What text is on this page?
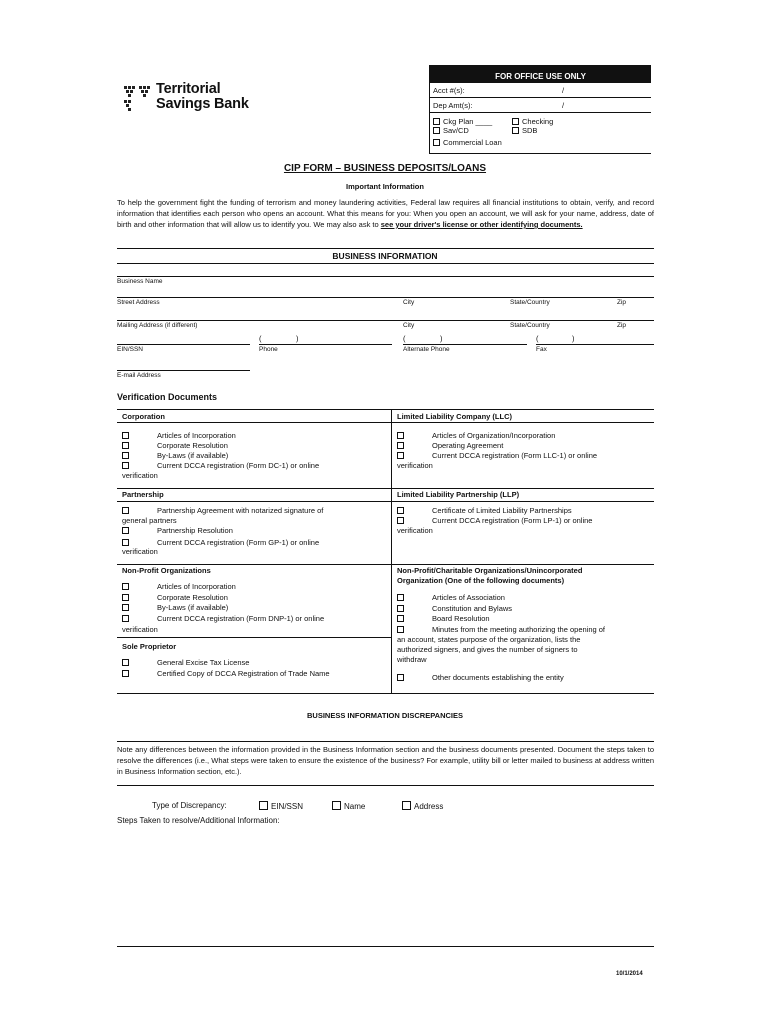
Territorial
Savings Bank
FOR OFFICE USE ONLY
Acct #(s):	/
Dep Amt(s):	/
Ckg Plan ____	Checking
Sav/CD	SDB
Commercial Loan
CIP FORM – BUSINESS DEPOSITS/LOANS
Important Information
To help the government fight the funding of terrorism and money laundering activities, Federal law requires all financial institutions to obtain, verify, and record information that identifies each person who opens an account. What this means for you: When you open an account, we will ask for your name, address, date of birth and other information that will allow us to identify you. We may also ask to see your driver's license or other identifying documents.
BUSINESS INFORMATION
Business Name
Street Address	City	State/Country	Zip
Mailing Address (if different)	City	State/Country	Zip
(	)	(	)	(	)
EIN/SSN	Phone	Alternate Phone	Fax
E-mail Address
Verification Documents
Corporation
Articles of Incorporation
Corporate Resolution
By-Laws (if available)
Current DCCA registration (Form DC-1) or online
verification
Limited Liability Company (LLC)
Articles of Organization/Incorporation
Operating Agreement
Current DCCA registration (Form LLC-1) or online
verification
Partnership
Partnership Agreement with notarized signature of
general partners
Partnership Resolution
Current DCCA registration (Form GP-1) or online
verification
Limited Liability Partnership (LLP)
Certificate of Limited Liability Partnerships
Current DCCA registration (Form LP-1) or online
verification
Non-Profit Organizations
Articles of Incorporation
Corporate Resolution
By-Laws (if available)
Current DCCA registration (Form DNP-1) or online
verification
Sole Proprietor
General Excise Tax License
Certified Copy of DCCA Registration of Trade Name
Non-Profit/Charitable Organizations/Unincorporated
Organization (One of the following documents)
Articles of Association
Constitution and Bylaws
Board Resolution
Minutes from the meeting authorizing the opening of
an account, states purpose of the organization, lists the
authorized signers, and gives the number of signers to
withdraw
Other documents establishing the entity
BUSINESS INFORMATION DISCREPANCIES
Note any differences between the information provided in the Business Information section and the business documents presented. Document the steps taken to resolve the differences (i.e., What steps were taken to ensure the existence of the business? For example, utility bill or letter mailed to business at address written in Business Information section, etc.).
Type of Discrepancy:	EIN/SSN	Name	Address
Steps Taken to resolve/Additional Information:
10/1/2014
